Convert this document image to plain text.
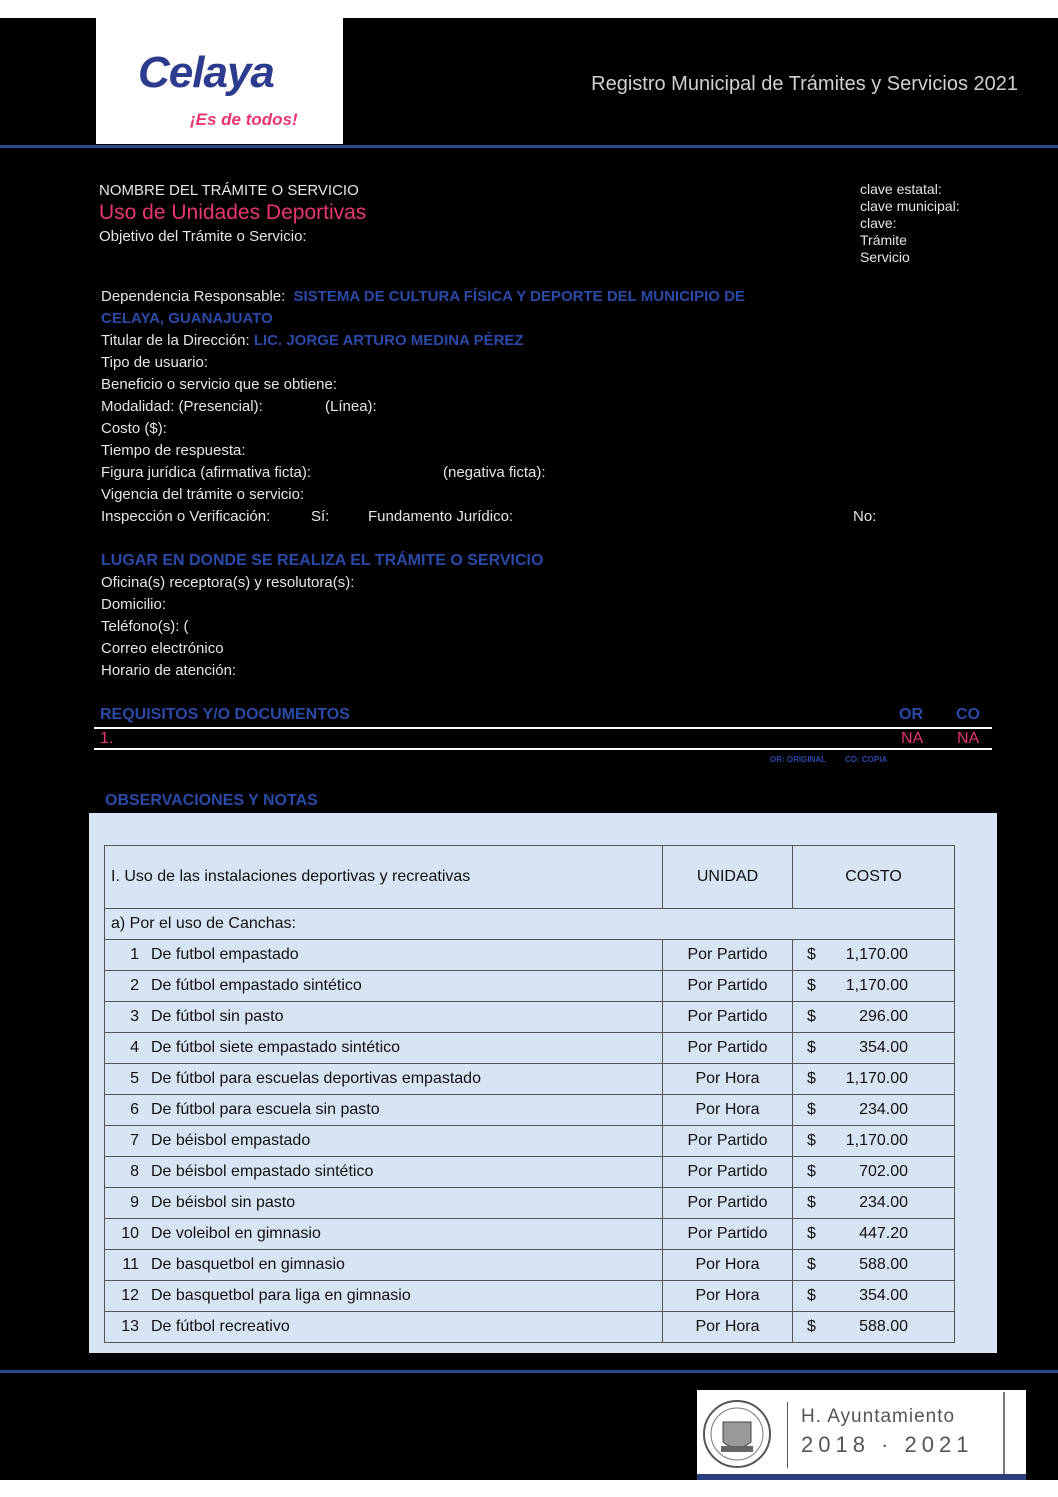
Celaya
¡Es de todos!
Registro Municipal de Trámites y Servicios 2021
NOMBRE DEL TRÁMITE O SERVICIO
Uso de Unidades Deportivas
Objetivo del Trámite o Servicio:
clave estatal:
clave municipal:
clave:
Trámite
Servicio
Dependencia Responsable: SISTEMA DE CULTURA FÍSICA Y DEPORTE DEL MUNICIPIO DE
CELAYA, GUANAJUATO
Titular de la Dirección: LIC. JORGE ARTURO MEDINA PÉREZ
Tipo de usuario:
Beneficio o servicio que se obtiene:
Modalidad: (Presencial):	(Línea):
Costo ($):
Tiempo de respuesta:
Figura jurídica (afirmativa ficta):	(negativa ficta):
Vigencia del trámite o servicio:
Inspección o Verificación:	Sí:	Fundamento Jurídico:	No:
LUGAR EN DONDE SE REALIZA EL TRÁMITE O SERVICIO
Oficina(s) receptora(s) y resolutora(s):
Domicilio:
Teléfono(s): (
Correo electrónico
Horario de atención:
REQUISITOS Y/O DOCUMENTOS	OR CO
1.	NA NA
OR: ORIGINAL CO: COPIA
OBSERVACIONES Y NOTAS
I. Uso de las instalaciones deportivas y recreativas		UNIDAD	COSTO
a) Por el uso de Canchas:			
1	De futbol empastado	Por Partido	$ 1,170.00

2	De fútbol empastado sintético	Por Partido	$ 1,170.00

3	De fútbol sin pasto	Por Partido	$ 296.00

4	De fútbol siete empastado sintético	Por Partido	$ 354.00

5	De fútbol para escuelas deportivas empastado	Por Hora	$ 1,170.00

6	De fútbol para escuela sin pasto	Por Hora	$ 234.00

7	De béisbol empastado	Por Partido	$ 1,170.00

8	De béisbol empastado sintético	Por Partido	$ 702.00

9	De béisbol sin pasto	Por Partido	$ 234.00

10	De voleibol en gimnasio	Por Partido	$ 447.20

11	De basquetbol en gimnasio	Por Hora	$ 588.00

12	De basquetbol para liga en gimnasio	Por Hora	$ 354.00

13	De fútbol recreativo	Por Hora	$ 588.00
H. Ayuntamiento
2018 · 2021
